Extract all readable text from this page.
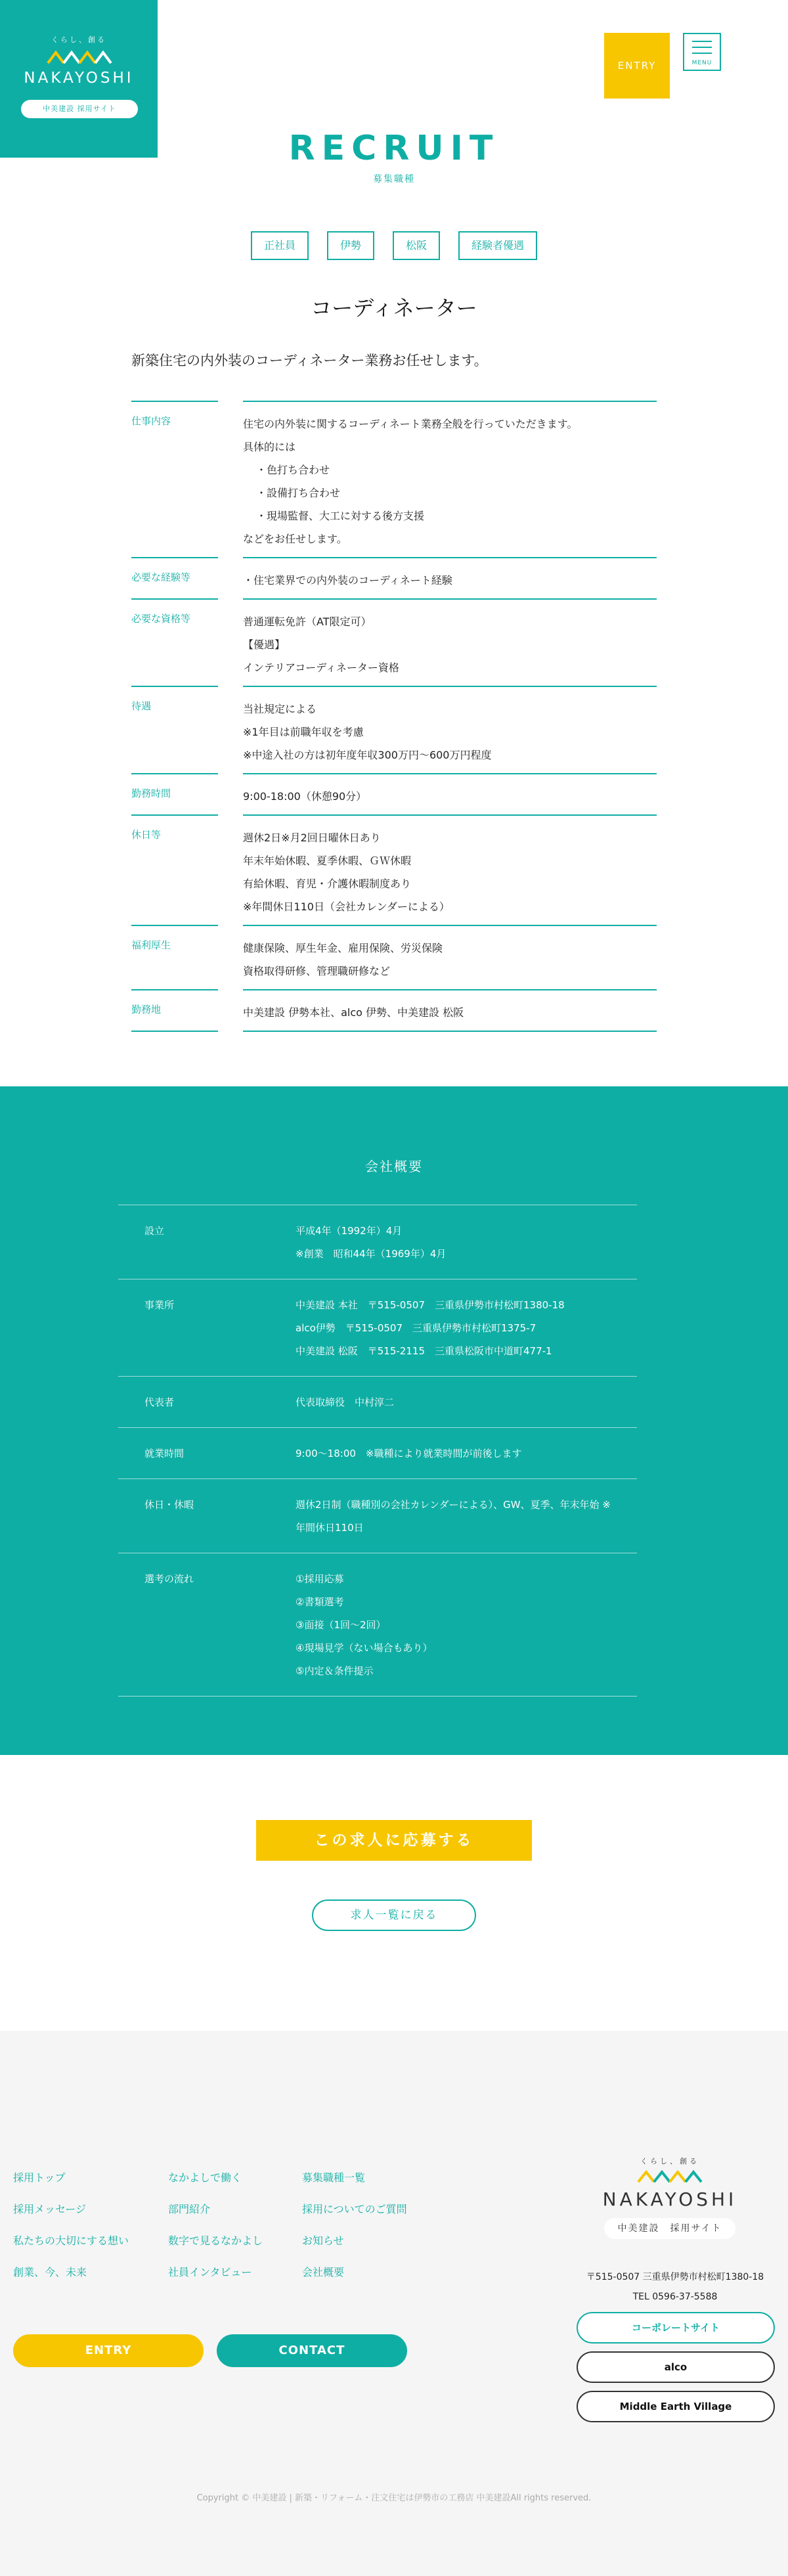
くらし、創る
NAKAYOSHI
中美建設 採用サイト
ENTRY	MENU
RECRUIT
募集職種
正社員	伊勢	松阪	経験者優遇
コーディネーター
新築住宅の内外装のコーディネーター業務お任せします。
仕事内容	住宅の内外装に関するコーディネート業務全般を行っていただきます。
具体的には
・色打ち合わせ
・設備打ち合わせ
・現場監督、大工に対する後方支援
などをお任せします。
必要な経験等	・住宅業界での内外装のコーディネート経験
必要な資格等	普通運転免許（AT限定可）
【優遇】
インテリアコーディネーター資格
待遇	当社規定による
※1年目は前職年収を考慮
※中途入社の方は初年度年収300万円〜600万円程度
勤務時間	9:00-18:00（休憩90分）
休日等	週休2日※月2回日曜休日あり
年末年始休暇、夏季休暇、ＧＷ休暇
有給休暇、育児・介護休暇制度あり
※年間休日110日（会社カレンダーによる）
福利厚生	健康保険、厚生年金、雇用保険、労災保険
資格取得研修、管理職研修など
勤務地	中美建設 伊勢本社、alco 伊勢、中美建設 松阪
会社概要
設立	平成4年（1992年）4月
※創業　昭和44年（1969年）4月
事業所	中美建設 本社　〒515-0507　三重県伊勢市村松町1380-18
alco伊勢　〒515-0507　三重県伊勢市村松町1375-7
中美建設 松阪　〒515-2115　三重県松阪市中道町477-1
代表者	代表取締役　中村淳二
就業時間	9:00〜18:00　※職種により就業時間が前後します
休日・休暇	週休2日制（職種別の会社カレンダーによる）、GW、夏季、年末年始 ※年間休日110日
選考の流れ	①採用応募
②書類選考
③面接（1回〜2回）
④現場見学（ない場合もあり）
⑤内定＆条件提示
この求人に応募する
求人一覧に戻る
採用トップ
採用メッセージ
私たちの大切にする想い
創業、今、未来
なかよしで働く
部門紹介
数字で見るなかよし
社員インタビュー
募集職種一覧
採用についてのご質問
お知らせ
会社概要
くらし、創る
NAKAYOSHI
中美建設　採用サイト
〒515-0507 三重県伊勢市村松町1380-18
TEL 0596-37-5588
コーポレートサイト
alco
Middle Earth Village
ENTRY	CONTACT
Copyright © 中美建設 | 新築・リフォーム・注文住宅は伊勢市の工務店 中美建設All rights reserved.
